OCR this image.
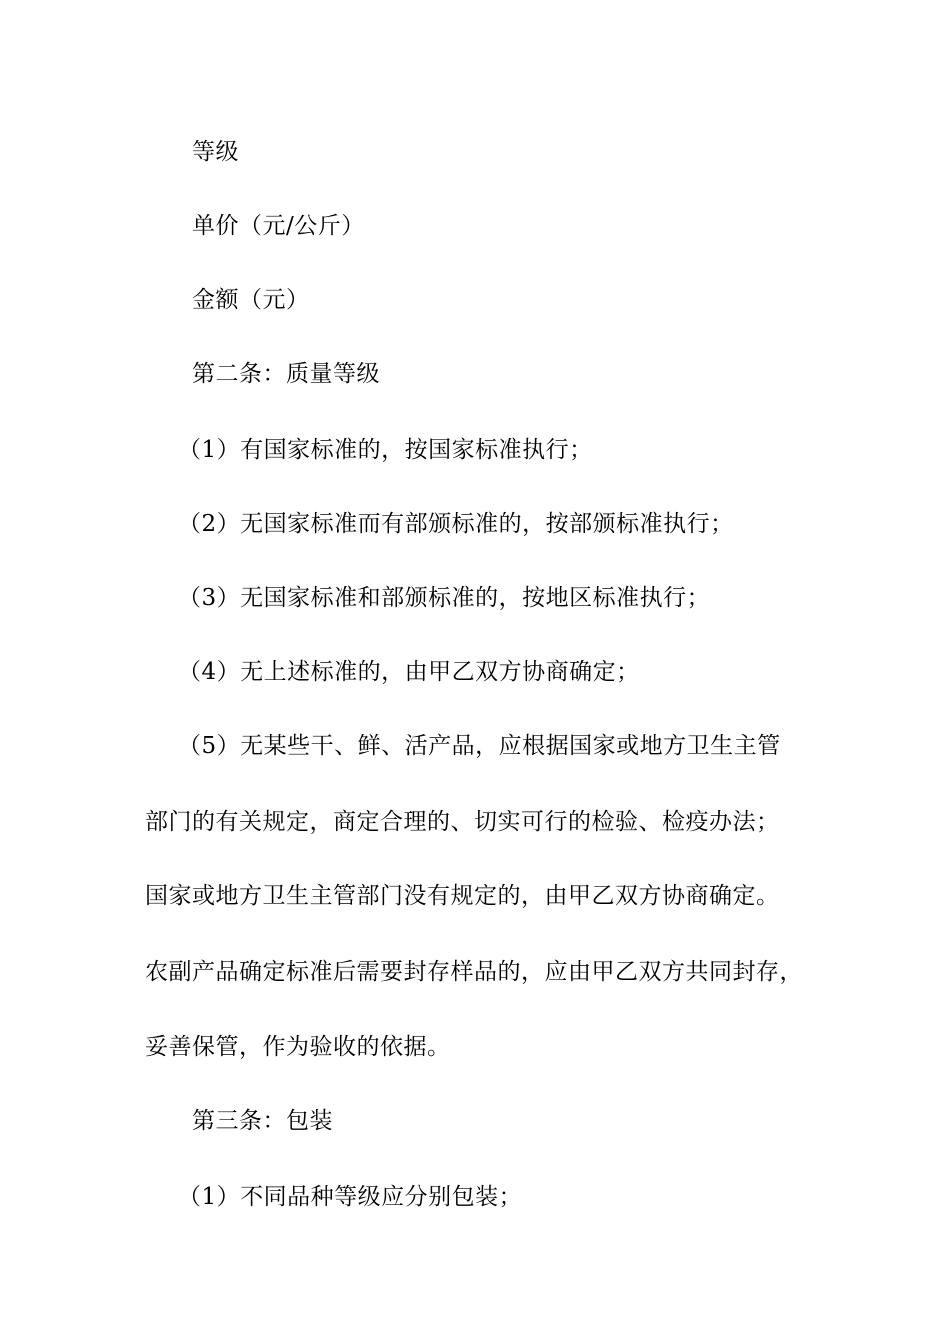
等级
单价（元/公斤）
金额（元）
第二条：质量等级
（1）有国家标准的，按国家标准执行；
（2）无国家标准而有部颁标准的，按部颁标准执行；
（3）无国家标准和部颁标准的，按地区标准执行；
（4）无上述标准的，由甲乙双方协商确定；
（5）无某些干、鲜、活产品，应根据国家或地方卫生主管
部门的有关规定，商定合理的、切实可行的检验、检疫办法；
国家或地方卫生主管部门没有规定的，由甲乙双方协商确定。
农副产品确定标准后需要封存样品的，应由甲乙双方共同封存，
妥善保管，作为验收的依据。
第三条：包装
（1）不同品种等级应分别包装；
